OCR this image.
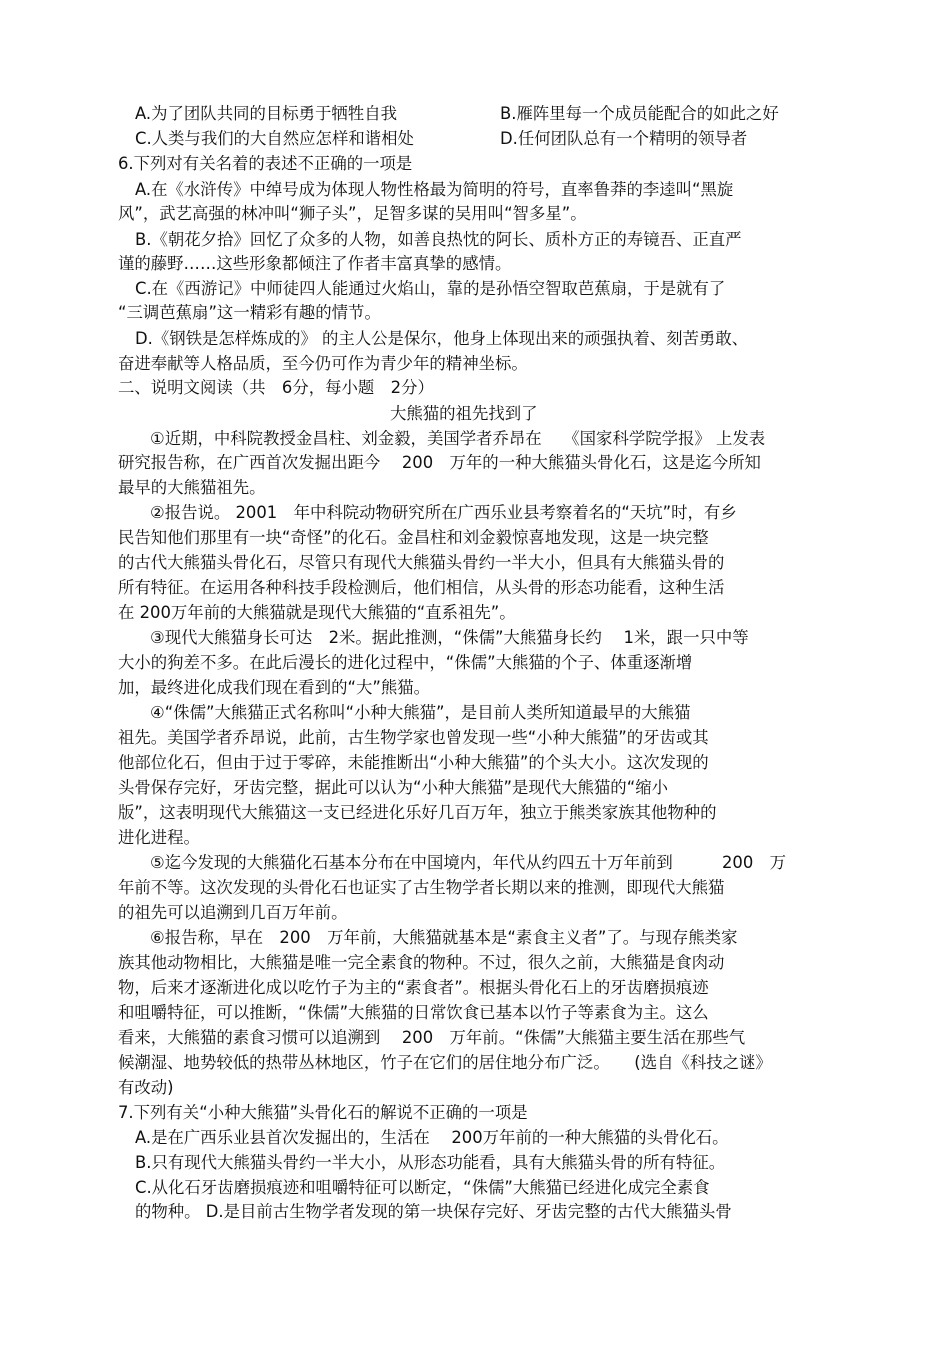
A.为了团队共同的目标勇于牺牲自我	B.雁阵里每一个成员能配合的如此之好
C.人类与我们的大自然应怎样和谐相处	D.任何团队总有一个精明的领导者
6.下列对有关名着的表述不正确的一项是
A.在《水浒传》中绰号成为体现人物性格最为简明的符号，直率鲁莽的李逵叫“黑旋
风”，武艺高强的林冲叫“狮子头”，足智多谋的吴用叫“智多星”。
B.《朝花夕拾》回忆了众多的人物，如善良热忱的阿长、质朴方正的寿镜吾、正直严
谨的藤野……这些形象都倾注了作者丰富真挚的感情。
C.在《西游记》中师徒四人能通过火焰山，靠的是孙悟空智取芭蕉扇，于是就有了
“三调芭蕉扇”这一精彩有趣的情节。
D.《钢铁是怎样炼成的》 的主人公是保尔，他身上体现出来的顽强执着、刻苦勇敢、
奋进奉献等人格品质，至今仍可作为青少年的精神坐标。
二、说明文阅读（共　6分，每小题　2分）
大熊猫的祖先找到了
①近期，中科院教授金昌柱、刘金毅，美国学者乔昂在　 《国家科学院学报》 上发表
研究报告称，在广西首次发掘出距今　 200　万年的一种大熊猫头骨化石，这是迄今所知
最早的大熊猫祖先。
②报告说。 2001　年中科院动物研究所在广西乐业县考察着名的“天坑”时，有乡
民告知他们那里有一块“奇怪”的化石。金昌柱和刘金毅惊喜地发现，这是一块完整
的古代大熊猫头骨化石，尽管只有现代大熊猫头骨约一半大小，但具有大熊猫头骨的
所有特征。在运用各种科技手段检测后，他们相信，从头骨的形态功能看，这种生活
在 200万年前的大熊猫就是现代大熊猫的“直系祖先”。
③现代大熊猫身长可达　2米。据此推测，“侏儒”大熊猫身长约　 1米，跟一只中等
大小的狗差不多。在此后漫长的进化过程中，“侏儒”大熊猫的个子、体重逐渐增
加，最终进化成我们现在看到的“大”熊猫。
④“侏儒”大熊猫正式名称叫“小种大熊猫”，是目前人类所知道最早的大熊猫
祖先。美国学者乔昂说，此前，古生物学家也曾发现一些“小种大熊猫”的牙齿或其
他部位化石，但由于过于零碎，未能推断出“小种大熊猫”的个头大小。这次发现的
头骨保存完好，牙齿完整，据此可以认为“小种大熊猫”是现代大熊猫的“缩小
版”，这表明现代大熊猫这一支已经进化乐好几百万年，独立于熊类家族其他物种的
进化进程。
⑤迄今发现的大熊猫化石基本分布在中国境内，年代从约四五十万年前到　　　200　万
年前不等。这次发现的头骨化石也证实了古生物学者长期以来的推测，即现代大熊猫
的祖先可以追溯到几百万年前。
⑥报告称，早在　200　万年前，大熊猫就基本是“素食主义者”了。与现存熊类家
族其他动物相比，大熊猫是唯一完全素食的物种。不过，很久之前，大熊猫是食肉动
物，后来才逐渐进化成以吃竹子为主的“素食者”。根据头骨化石上的牙齿磨损痕迹
和咀嚼特征，可以推断，“侏儒”大熊猫的日常饮食已基本以竹子等素食为主。这么
看来，大熊猫的素食习惯可以追溯到　 200　万年前。“侏儒”大熊猫主要生活在那些气
候潮湿、地势较低的热带丛林地区，竹子在它们的居住地分布广泛。　　(选自《科技之谜》
有改动)
7.下列有关“小种大熊猫”头骨化石的解说不正确的一项是
A.是在广西乐业县首次发掘出的，生活在　 200万年前的一种大熊猫的头骨化石。
B.只有现代大熊猫头骨约一半大小，从形态功能看，具有大熊猫头骨的所有特征。
C.从化石牙齿磨损痕迹和咀嚼特征可以断定，“侏儒”大熊猫已经进化成完全素食
的物种。 D.是目前古生物学者发现的第一块保存完好、牙齿完整的古代大熊猫头骨
